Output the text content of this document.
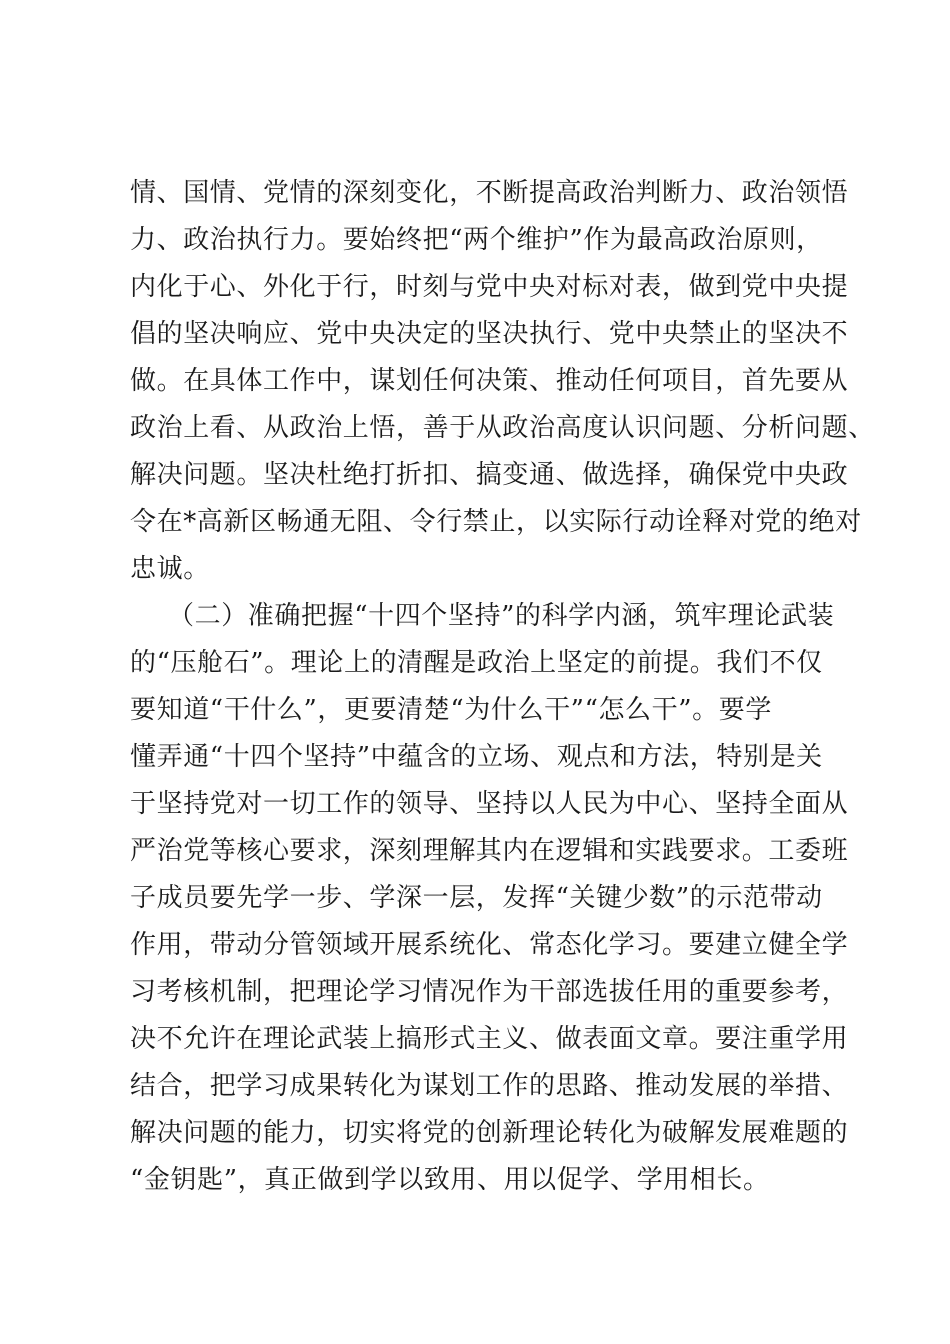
情、国情、党情的深刻变化，不断提高政治判断力、政治领悟
力、政治执行力。要始终把“两个维护”作为最高政治原则，
内化于心、外化于行，时刻与党中央对标对表，做到党中央提
倡的坚决响应、党中央决定的坚决执行、党中央禁止的坚决不
做。在具体工作中，谋划任何决策、推动任何项目，首先要从
政治上看、从政治上悟，善于从政治高度认识问题、分析问题、
解决问题。坚决杜绝打折扣、搞变通、做选择，确保党中央政
令在*高新区畅通无阻、令行禁止，以实际行动诠释对党的绝对
忠诚。
（二）准确把握“十四个坚持”的科学内涵，筑牢理论武装
的“压舱石”。理论上的清醒是政治上坚定的前提。我们不仅
要知道“干什么”，更要清楚“为什么干”“怎么干”。要学
懂弄通“十四个坚持”中蕴含的立场、观点和方法，特别是关
于坚持党对一切工作的领导、坚持以人民为中心、坚持全面从
严治党等核心要求，深刻理解其内在逻辑和实践要求。工委班
子成员要先学一步、学深一层，发挥“关键少数”的示范带动
作用，带动分管领域开展系统化、常态化学习。要建立健全学
习考核机制，把理论学习情况作为干部选拔任用的重要参考，
决不允许在理论武装上搞形式主义、做表面文章。要注重学用
结合，把学习成果转化为谋划工作的思路、推动发展的举措、
解决问题的能力，切实将党的创新理论转化为破解发展难题的
“金钥匙”，真正做到学以致用、用以促学、学用相长。
